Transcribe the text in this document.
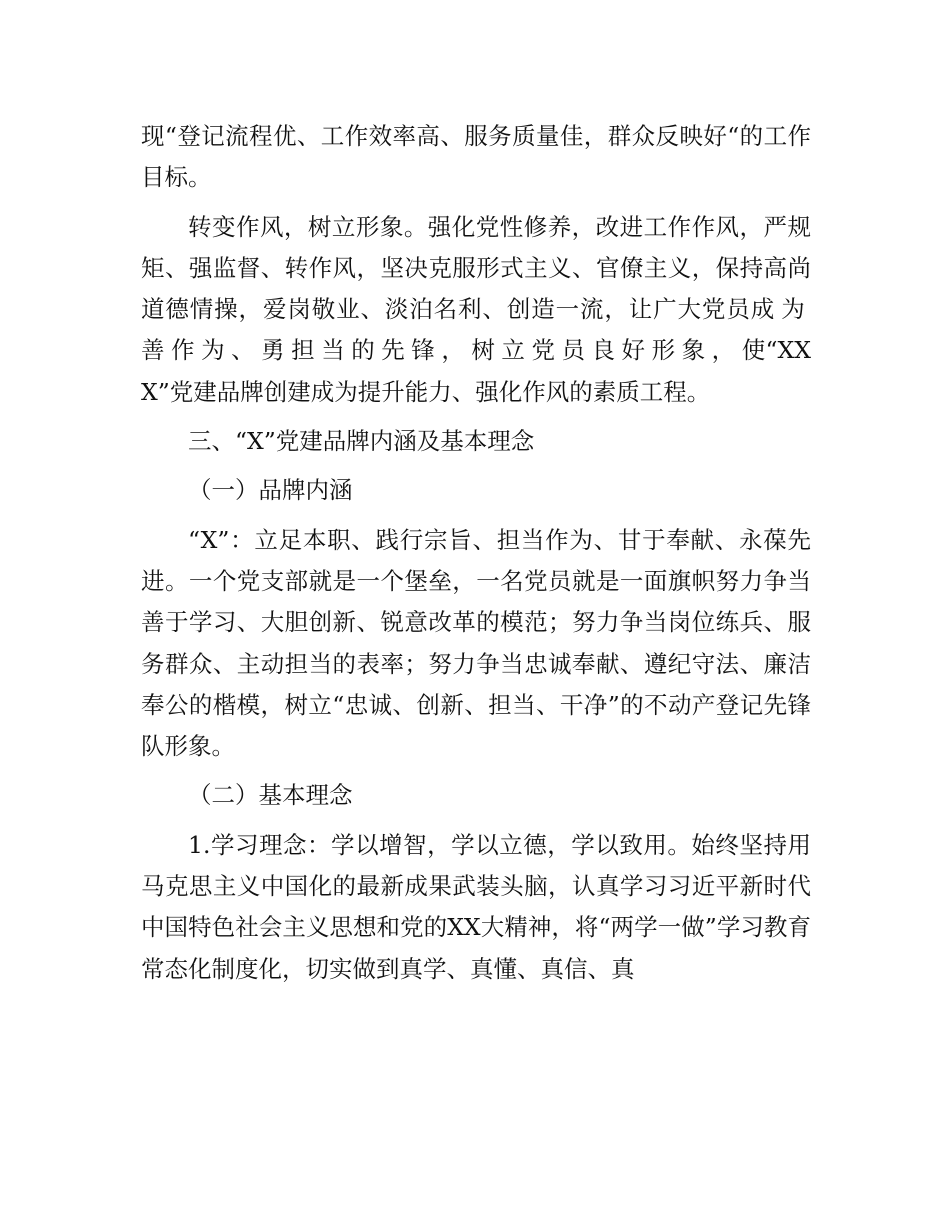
现“登记流程优、工作效率高、服务质量佳，群众反映好“的工作目标。

转变作风，树立形象。强化党性修养，改进工作作风，严规矩、强监督、转作风，坚决克服形式主义、官僚主义，保持高尚道德情操，爱岗敬业、淡泊名利、创造一流，让广大党员成为善作为、勇担当的先锋，树立党员良好形象，使“XXX”党建品牌创建成为提升能力、强化作风的素质工程。

三、“X”党建品牌内涵及基本理念

（一）品牌内涵

“X”：立足本职、践行宗旨、担当作为、甘于奉献、永葆先进。一个党支部就是一个堡垒，一名党员就是一面旗帜努力争当善于学习、大胆创新、锐意改革的模范；努力争当岗位练兵、服务群众、主动担当的表率；努力争当忠诚奉献、遵纪守法、廉洁奉公的楷模，树立“忠诚、创新、担当、干净”的不动产登记先锋队形象。

（二）基本理念

1.学习理念：学以增智，学以立德，学以致用。始终坚持用马克思主义中国化的最新成果武装头脑，认真学习习近平新时代中国特色社会主义思想和党的XX大精神，将“两学一做”学习教育常态化制度化，切实做到真学、真懂、真信、真
